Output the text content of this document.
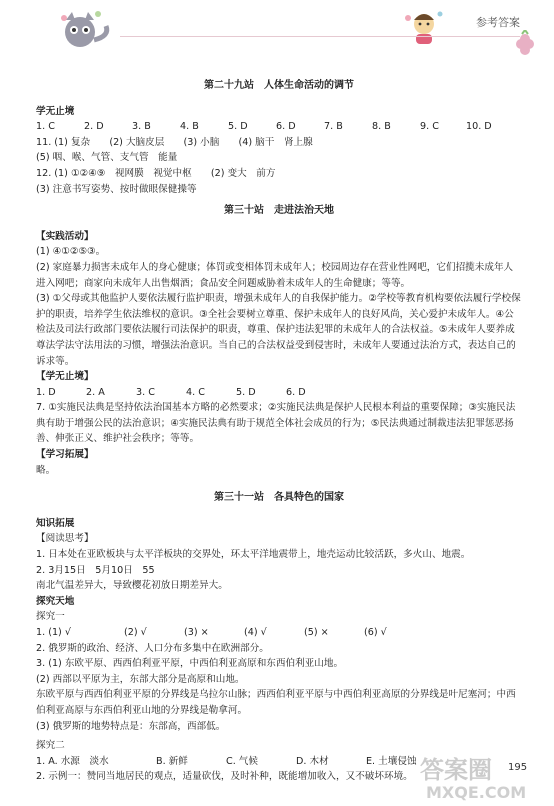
参考答案

第二十九站　人体生命活动的调节

学无止境

1. C	2. D	3. B	4. B	5. D	6. D	7. B	8. B	9. C	10. D

11. (1) 复杂　　(2) 大脑皮层　　(3) 小脑　　(4) 脑干　肾上腺

(5) 咽、喉、气管、支气管　能量

12. (1) ①②④⑨　视网膜　视觉中枢　　(2) 变大　前方

(3) 注意书写姿势、按时做眼保健操等

第三十站　走进法治天地

【实践活动】

(1) ④①②⑤③。

(2) 家庭暴力损害未成年人的身心健康；体罚或变相体罚未成年人；校园周边存在营业性网吧，它们招揽未成年人进入网吧；商家向未成年人出售烟酒；食品安全问题威胁着未成年人的生命健康；等等。

(3) ①父母或其他监护人要依法履行监护职责，增强未成年人的自我保护能力。②学校等教育机构要依法履行学校保护的职责，培养学生依法维权的意识。③全社会要树立尊重、保护未成年人的良好风尚，关心爱护未成年人。④公检法及司法行政部门要依法履行司法保护的职责，尊重、保护违法犯罪的未成年人的合法权益。⑤未成年人要养成尊法学法守法用法的习惯，增强法治意识。当自己的合法权益受到侵害时，未成年人要通过法治方式，表达自己的诉求等。

【学无止境】

1. D	2. A	3. C	4. C	5. D	6. D

7. ①实施民法典是坚持依法治国基本方略的必然要求；②实施民法典是保护人民根本利益的重要保障；③实施民法典有助于增强公民的法治意识；④实施民法典有助于规范全体社会成员的行为；⑤民法典通过制裁违法犯罪惩恶扬善、伸张正义、维护社会秩序；等等。

【学习拓展】

略。

第三十一站　各具特色的国家

知识拓展

【阅读思考】

1. 日本处在亚欧板块与太平洋板块的交界处，环太平洋地震带上，地壳运动比较活跃，多火山、地震。

2. 3月15日　5月10日　55

南北气温差异大，导致樱花初放日期差异大。

探究天地

探究一

1. (1) √	(2) √	(3) ×	(4) √	(5) ×	(6) √

2. 俄罗斯的政治、经济、人口分布多集中在欧洲部分。

3. (1) 东欧平原、西西伯利亚平原，中西伯利亚高原和东西伯利亚山地。

(2) 西部以平原为主，东部大部分是高原和山地。

东欧平原与西西伯利亚平原的分界线是乌拉尔山脉；西西伯利亚平原与中西伯利亚高原的分界线是叶尼塞河；中西伯利亚高原与东西伯利亚山地的分界线是勒拿河。

(3) 俄罗斯的地势特点是：东部高，西部低。

探究二

1. A. 水源　淡水	B. 新鲜	C. 气候	D. 木材	E. 土壤侵蚀

2. 示例一：赞同当地居民的观点，适量砍伐，及时补种，既能增加收入，又不破坏环境。

195
答案圈
MXQE.COM
